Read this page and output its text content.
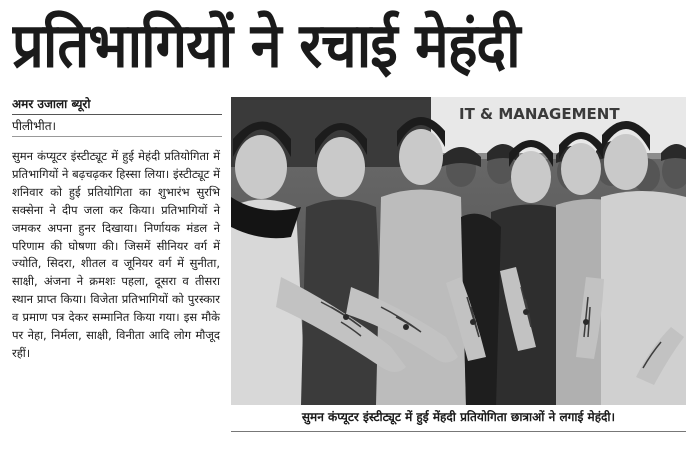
प्रतिभागियों ने रचाई मेहंदी
अमर उजाला ब्यूरो
पीलीभीत।
सुमन कंप्यूटर इंस्टीट्यूट में हुई मेहंदी प्रतियोगिता में प्रतिभागियों ने बढ़चढ़कर हिस्सा लिया। इंस्टीट्यूट में शनिवार को हुई प्रतियोगिता का शुभारंभ सुरभि सक्सेना ने दीप जला कर किया। प्रतिभागियों ने जमकर अपना हुनर दिखाया। निर्णायक मंडल ने परिणाम की घोषणा की। जिसमें सीनियर वर्ग में ज्योति, सिदरा, शीतल व जूनियर वर्ग में सुनीता, साक्षी, अंजना ने क्रमशः पहला, दूसरा व तीसरा स्थान प्राप्त किया। विजेता प्रतिभागियों को पुरस्कार व प्रमाण पत्र देकर सम्मानित किया गया। इस मौके पर नेहा, निर्मला, साक्षी, विनीता आदि लोग मौजूद रहीं।
IT & MANAGEMENT
सुमन कंप्यूटर इंस्टीट्यूट में हुई मेंहदी प्रतियोगिता छात्राओं ने लगाई मेहंदी।
